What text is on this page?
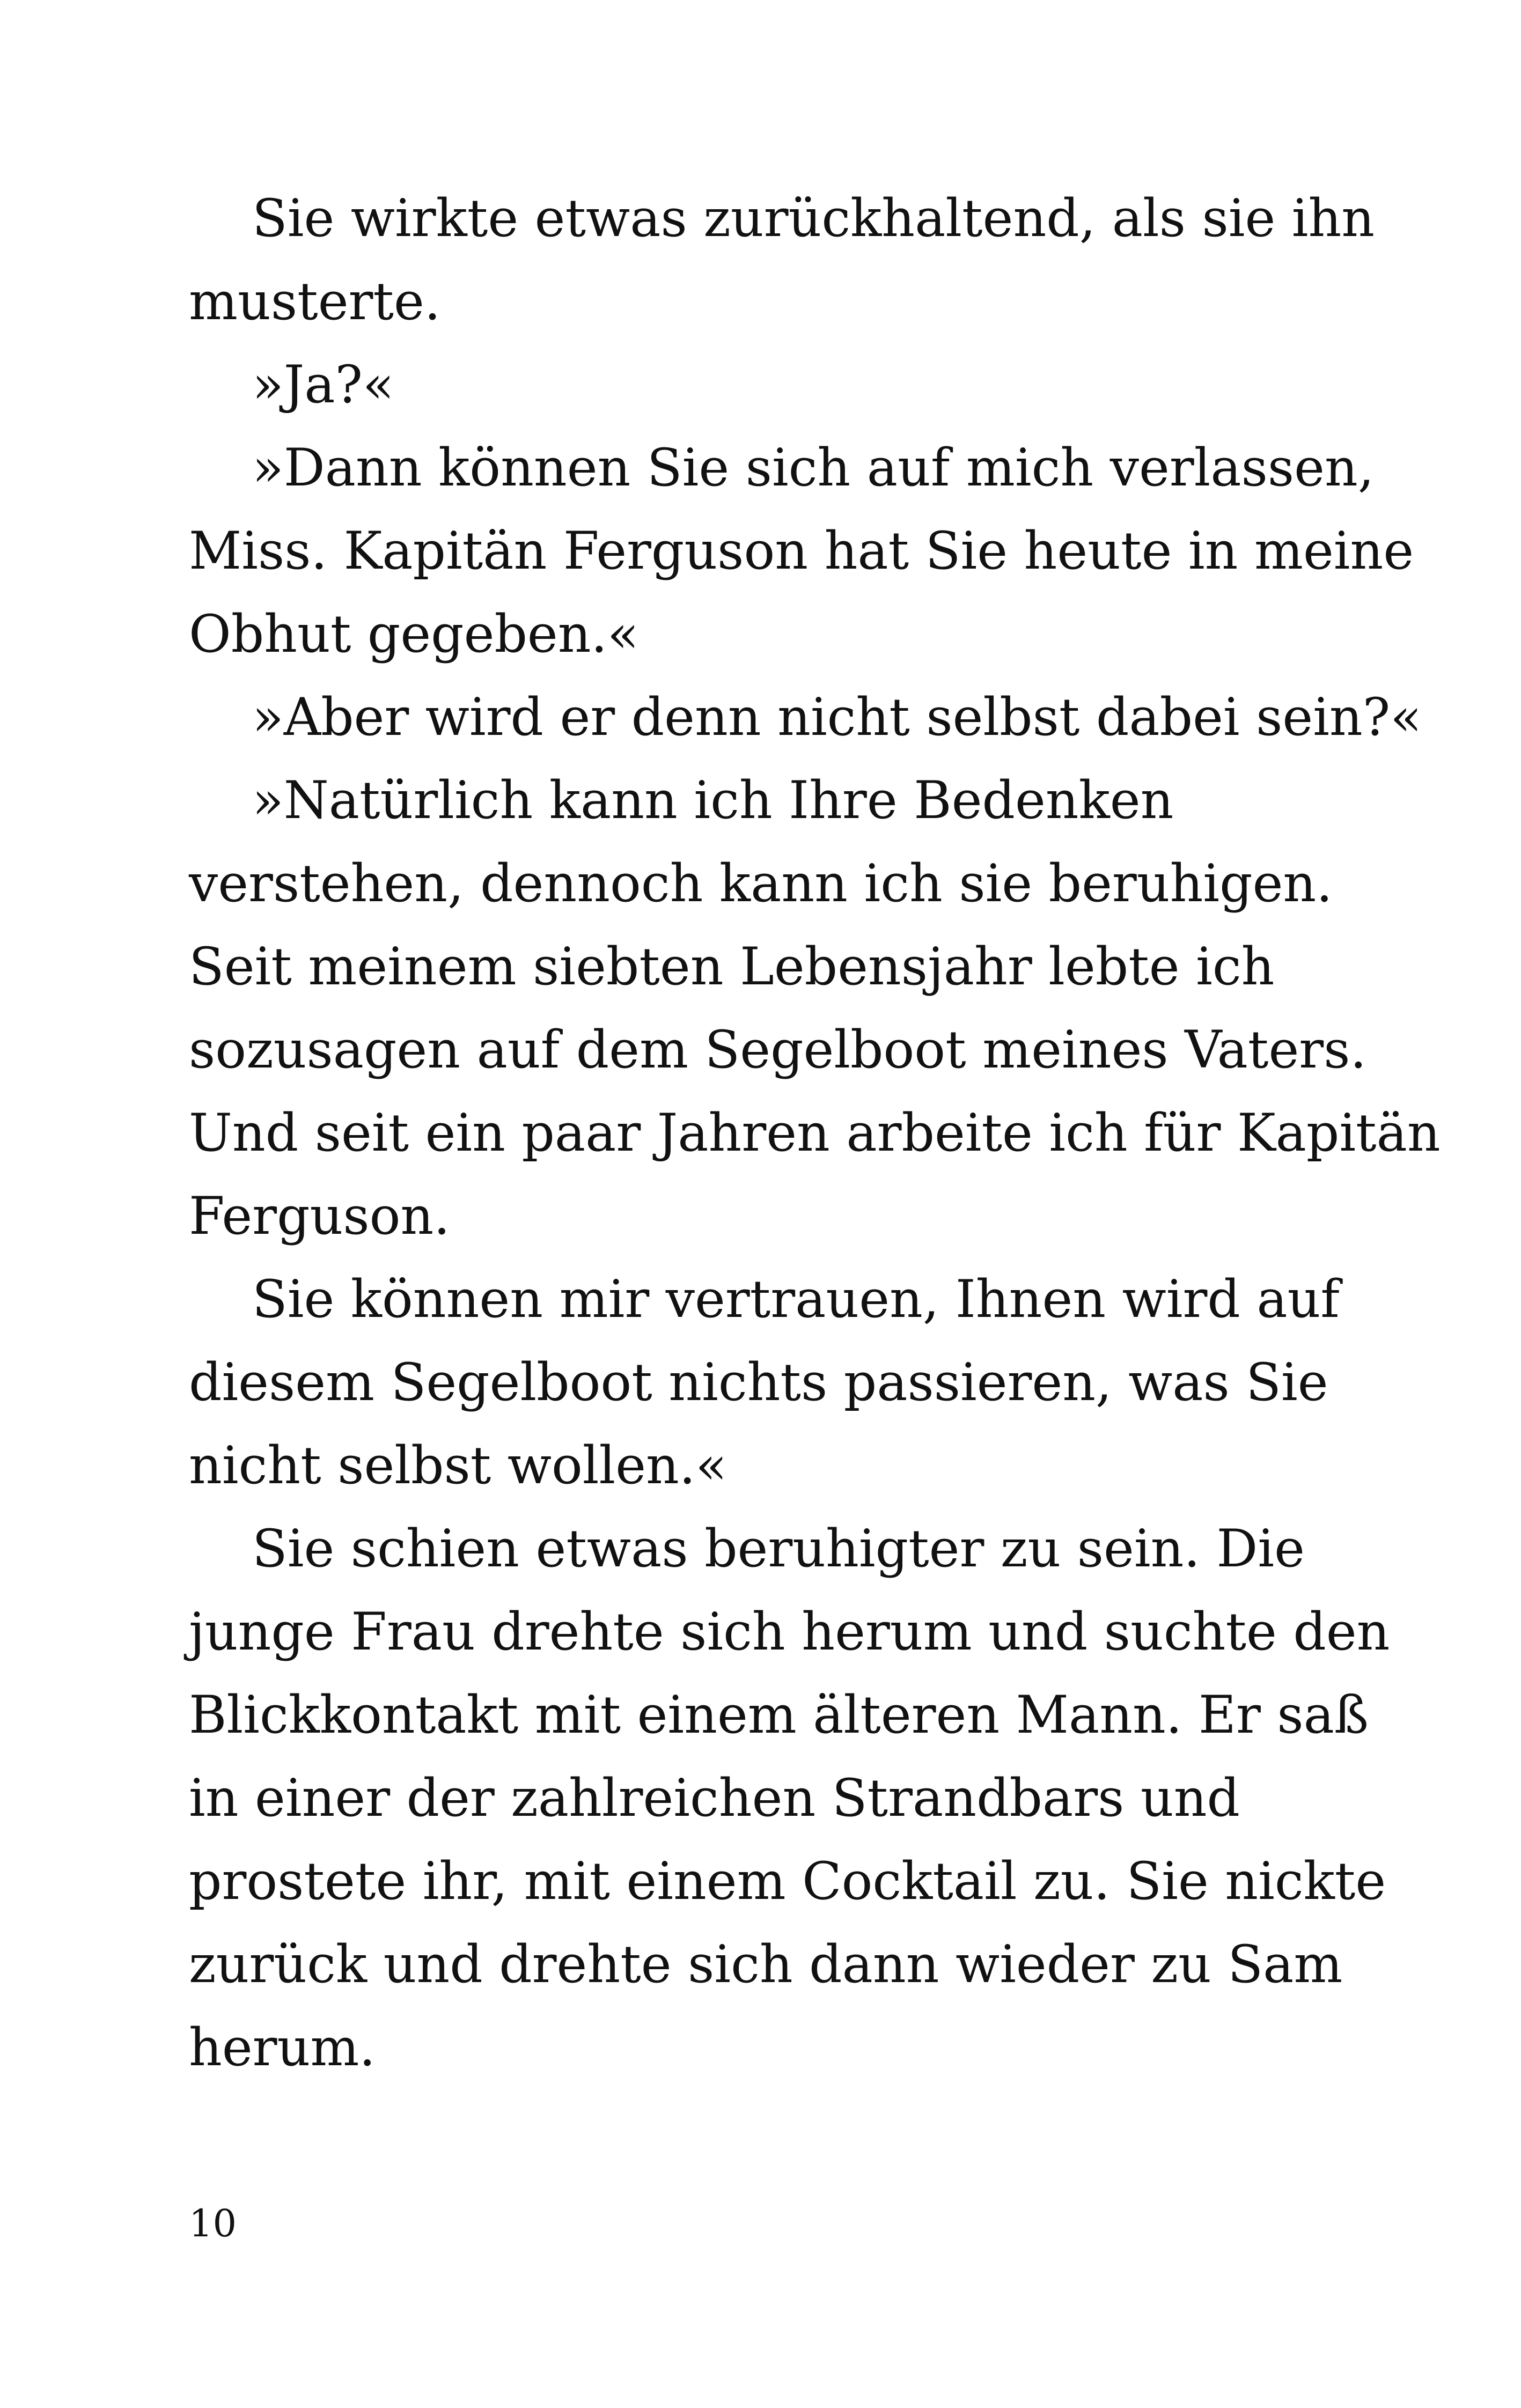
Sie wirkte etwas zurückhaltend, als sie ihn
musterte.
»Ja?«
»Dann können Sie sich auf mich verlassen,
Miss. Kapitän Ferguson hat Sie heute in meine
Obhut gegeben.«
»Aber wird er denn nicht selbst dabei sein?«
»Natürlich kann ich Ihre Bedenken
verstehen, dennoch kann ich sie beruhigen.
Seit meinem siebten Lebensjahr lebte ich
sozusagen auf dem Segelboot meines Vaters.
Und seit ein paar Jahren arbeite ich für Kapitän
Ferguson.
Sie können mir vertrauen, Ihnen wird auf
diesem Segelboot nichts passieren, was Sie
nicht selbst wollen.«
Sie schien etwas beruhigter zu sein. Die
junge Frau drehte sich herum und suchte den
Blickkontakt mit einem älteren Mann. Er saß
in einer der zahlreichen Strandbars und
prostete ihr, mit einem Cocktail zu. Sie nickte
zurück und drehte sich dann wieder zu Sam
herum.
10
